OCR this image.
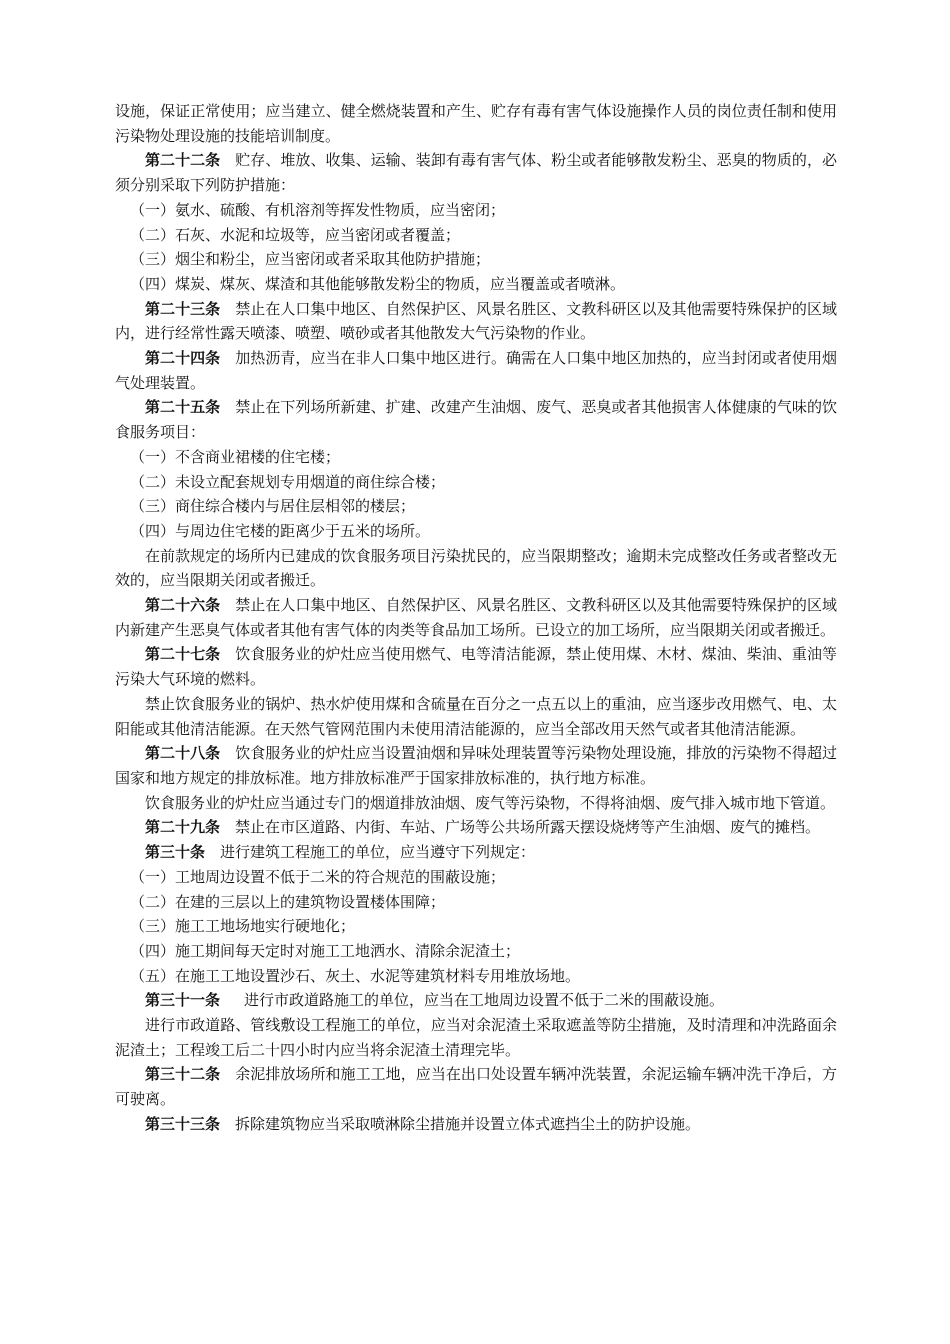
设施，保证正常使用；应当建立、健全燃烧装置和产生、贮存有毒有害气体设施操作人员的岗位责任制和使用污染物处理设施的技能培训制度。

第二十二条 贮存、堆放、收集、运输、装卸有毒有害气体、粉尘或者能够散发粉尘、恶臭的物质的，必须分别采取下列防护措施：

（一）氨水、硫酸、有机溶剂等挥发性物质，应当密闭；

（二）石灰、水泥和垃圾等，应当密闭或者覆盖；

（三）烟尘和粉尘，应当密闭或者采取其他防护措施；

（四）煤炭、煤灰、煤渣和其他能够散发粉尘的物质，应当覆盖或者喷淋。

第二十三条 禁止在人口集中地区、自然保护区、风景名胜区、文教科研区以及其他需要特殊保护的区域内，进行经常性露天喷漆、喷塑、喷砂或者其他散发大气污染物的作业。

第二十四条 加热沥青，应当在非人口集中地区进行。确需在人口集中地区加热的，应当封闭或者使用烟气处理装置。

第二十五条 禁止在下列场所新建、扩建、改建产生油烟、废气、恶臭或者其他损害人体健康的气味的饮食服务项目：

（一）不含商业裙楼的住宅楼；

（二）未设立配套规划专用烟道的商住综合楼；

（三）商住综合楼内与居住层相邻的楼层；

（四）与周边住宅楼的距离少于五米的场所。

在前款规定的场所内已建成的饮食服务项目污染扰民的，应当限期整改；逾期未完成整改任务或者整改无效的，应当限期关闭或者搬迁。

第二十六条 禁止在人口集中地区、自然保护区、风景名胜区、文教科研区以及其他需要特殊保护的区域内新建产生恶臭气体或者其他有害气体的肉类等食品加工场所。已设立的加工场所，应当限期关闭或者搬迁。

第二十七条 饮食服务业的炉灶应当使用燃气、电等清洁能源，禁止使用煤、木材、煤油、柴油、重油等污染大气环境的燃料。

禁止饮食服务业的锅炉、热水炉使用煤和含硫量在百分之一点五以上的重油，应当逐步改用燃气、电、太阳能或其他清洁能源。在天然气管网范围内未使用清洁能源的，应当全部改用天然气或者其他清洁能源。

第二十八条 饮食服务业的炉灶应当设置油烟和异味处理装置等污染物处理设施，排放的污染物不得超过国家和地方规定的排放标准。地方排放标准严于国家排放标准的，执行地方标准。

饮食服务业的炉灶应当通过专门的烟道排放油烟、废气等污染物，不得将油烟、废气排入城市地下管道。

第二十九条 禁止在市区道路、内街、车站、广场等公共场所露天摆设烧烤等产生油烟、废气的摊档。

第三十条 进行建筑工程施工的单位，应当遵守下列规定：

（一）工地周边设置不低于二米的符合规范的围蔽设施；

（二）在建的三层以上的建筑物设置楼体围障；

（三）施工工地场地实行硬地化；

（四）施工期间每天定时对施工工地洒水、清除余泥渣土；

（五）在施工工地设置沙石、灰土、水泥等建筑材料专用堆放场地。

第三十一条 进行市政道路施工的单位，应当在工地周边设置不低于二米的围蔽设施。

进行市政道路、管线敷设工程施工的单位，应当对余泥渣土采取遮盖等防尘措施，及时清理和冲洗路面余泥渣土；工程竣工后二十四小时内应当将余泥渣土清理完毕。

第三十二条 余泥排放场所和施工工地，应当在出口处设置车辆冲洗装置，余泥运输车辆冲洗干净后，方可驶离。

第三十三条 拆除建筑物应当采取喷淋除尘措施并设置立体式遮挡尘土的防护设施。
